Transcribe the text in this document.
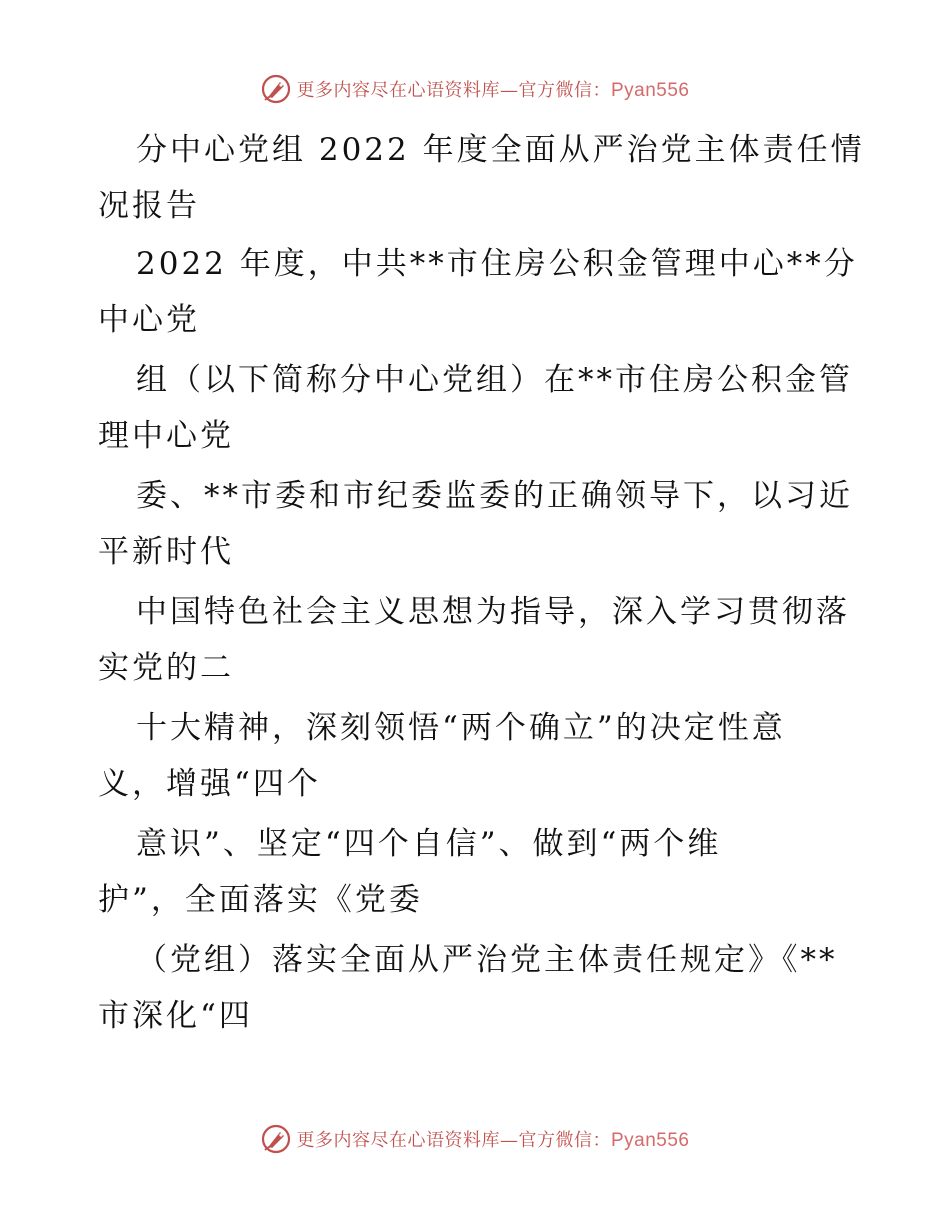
更多内容尽在心语资料库—官方微信：Pyan556
分中心党组 2022 年度全面从严治党主体责任情
况报告
2022 年度，中共**市住房公积金管理中心**分
中心党
组（以下简称分中心党组）在**市住房公积金管
理中心党
委、**市委和市纪委监委的正确领导下，以习近
平新时代
中国特色社会主义思想为指导，深入学习贯彻落
实党的二
十大精神，深刻领悟“两个确立”的决定性意
义，增强“四个
意识”、坚定“四个自信”、做到“两个维
护”，全面落实《党委
（党组）落实全面从严治党主体责任规定》《**
市深化“四
更多内容尽在心语资料库—官方微信：Pyan556
